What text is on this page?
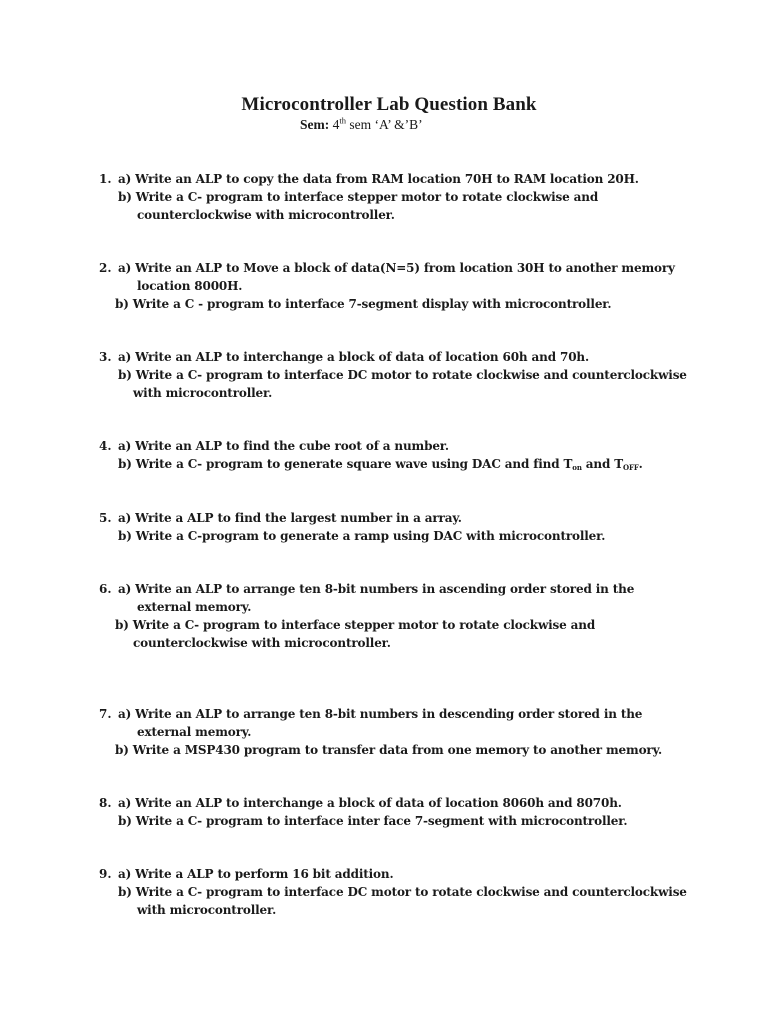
Microcontroller Lab Question Bank
Sem: 4th sem ‘A’ &’B’
1. a) Write an ALP to copy the data from RAM location 70H to RAM location 20H.
b) Write a C- program to interface stepper motor to rotate clockwise and
counterclockwise with microcontroller.
2. a) Write an ALP to Move a block of data(N=5) from location 30H to another memory
location 8000H.
b) Write a C - program to interface 7-segment display with microcontroller.
3. a) Write an ALP to interchange a block of data of location 60h and 70h.
b) Write a C- program to interface DC motor to rotate clockwise and counterclockwise
with microcontroller.
4. a) Write an ALP to find the cube root of a number.
b) Write a C- program to generate square wave using DAC and find $T_{on}$ and $T_{OFF}$.
5. a) Write a ALP to find the largest number in a array.
b) Write a C-program to generate a ramp using DAC with microcontroller.
6. a) Write an ALP to arrange ten 8-bit numbers in ascending order stored in the
external memory.
b) Write a C- program to interface stepper motor to rotate clockwise and
counterclockwise with microcontroller.
7. a) Write an ALP to arrange ten 8-bit numbers in descending order stored in the
external memory.
b) Write a MSP430 program to transfer data from one memory to another memory.
8. a) Write an ALP to interchange a block of data of location 8060h and 8070h.
b) Write a C- program to interface inter face 7-segment with microcontroller.
9. a) Write a ALP to perform 16 bit addition.
b) Write a C- program to interface DC motor to rotate clockwise and counterclockwise
with microcontroller.
